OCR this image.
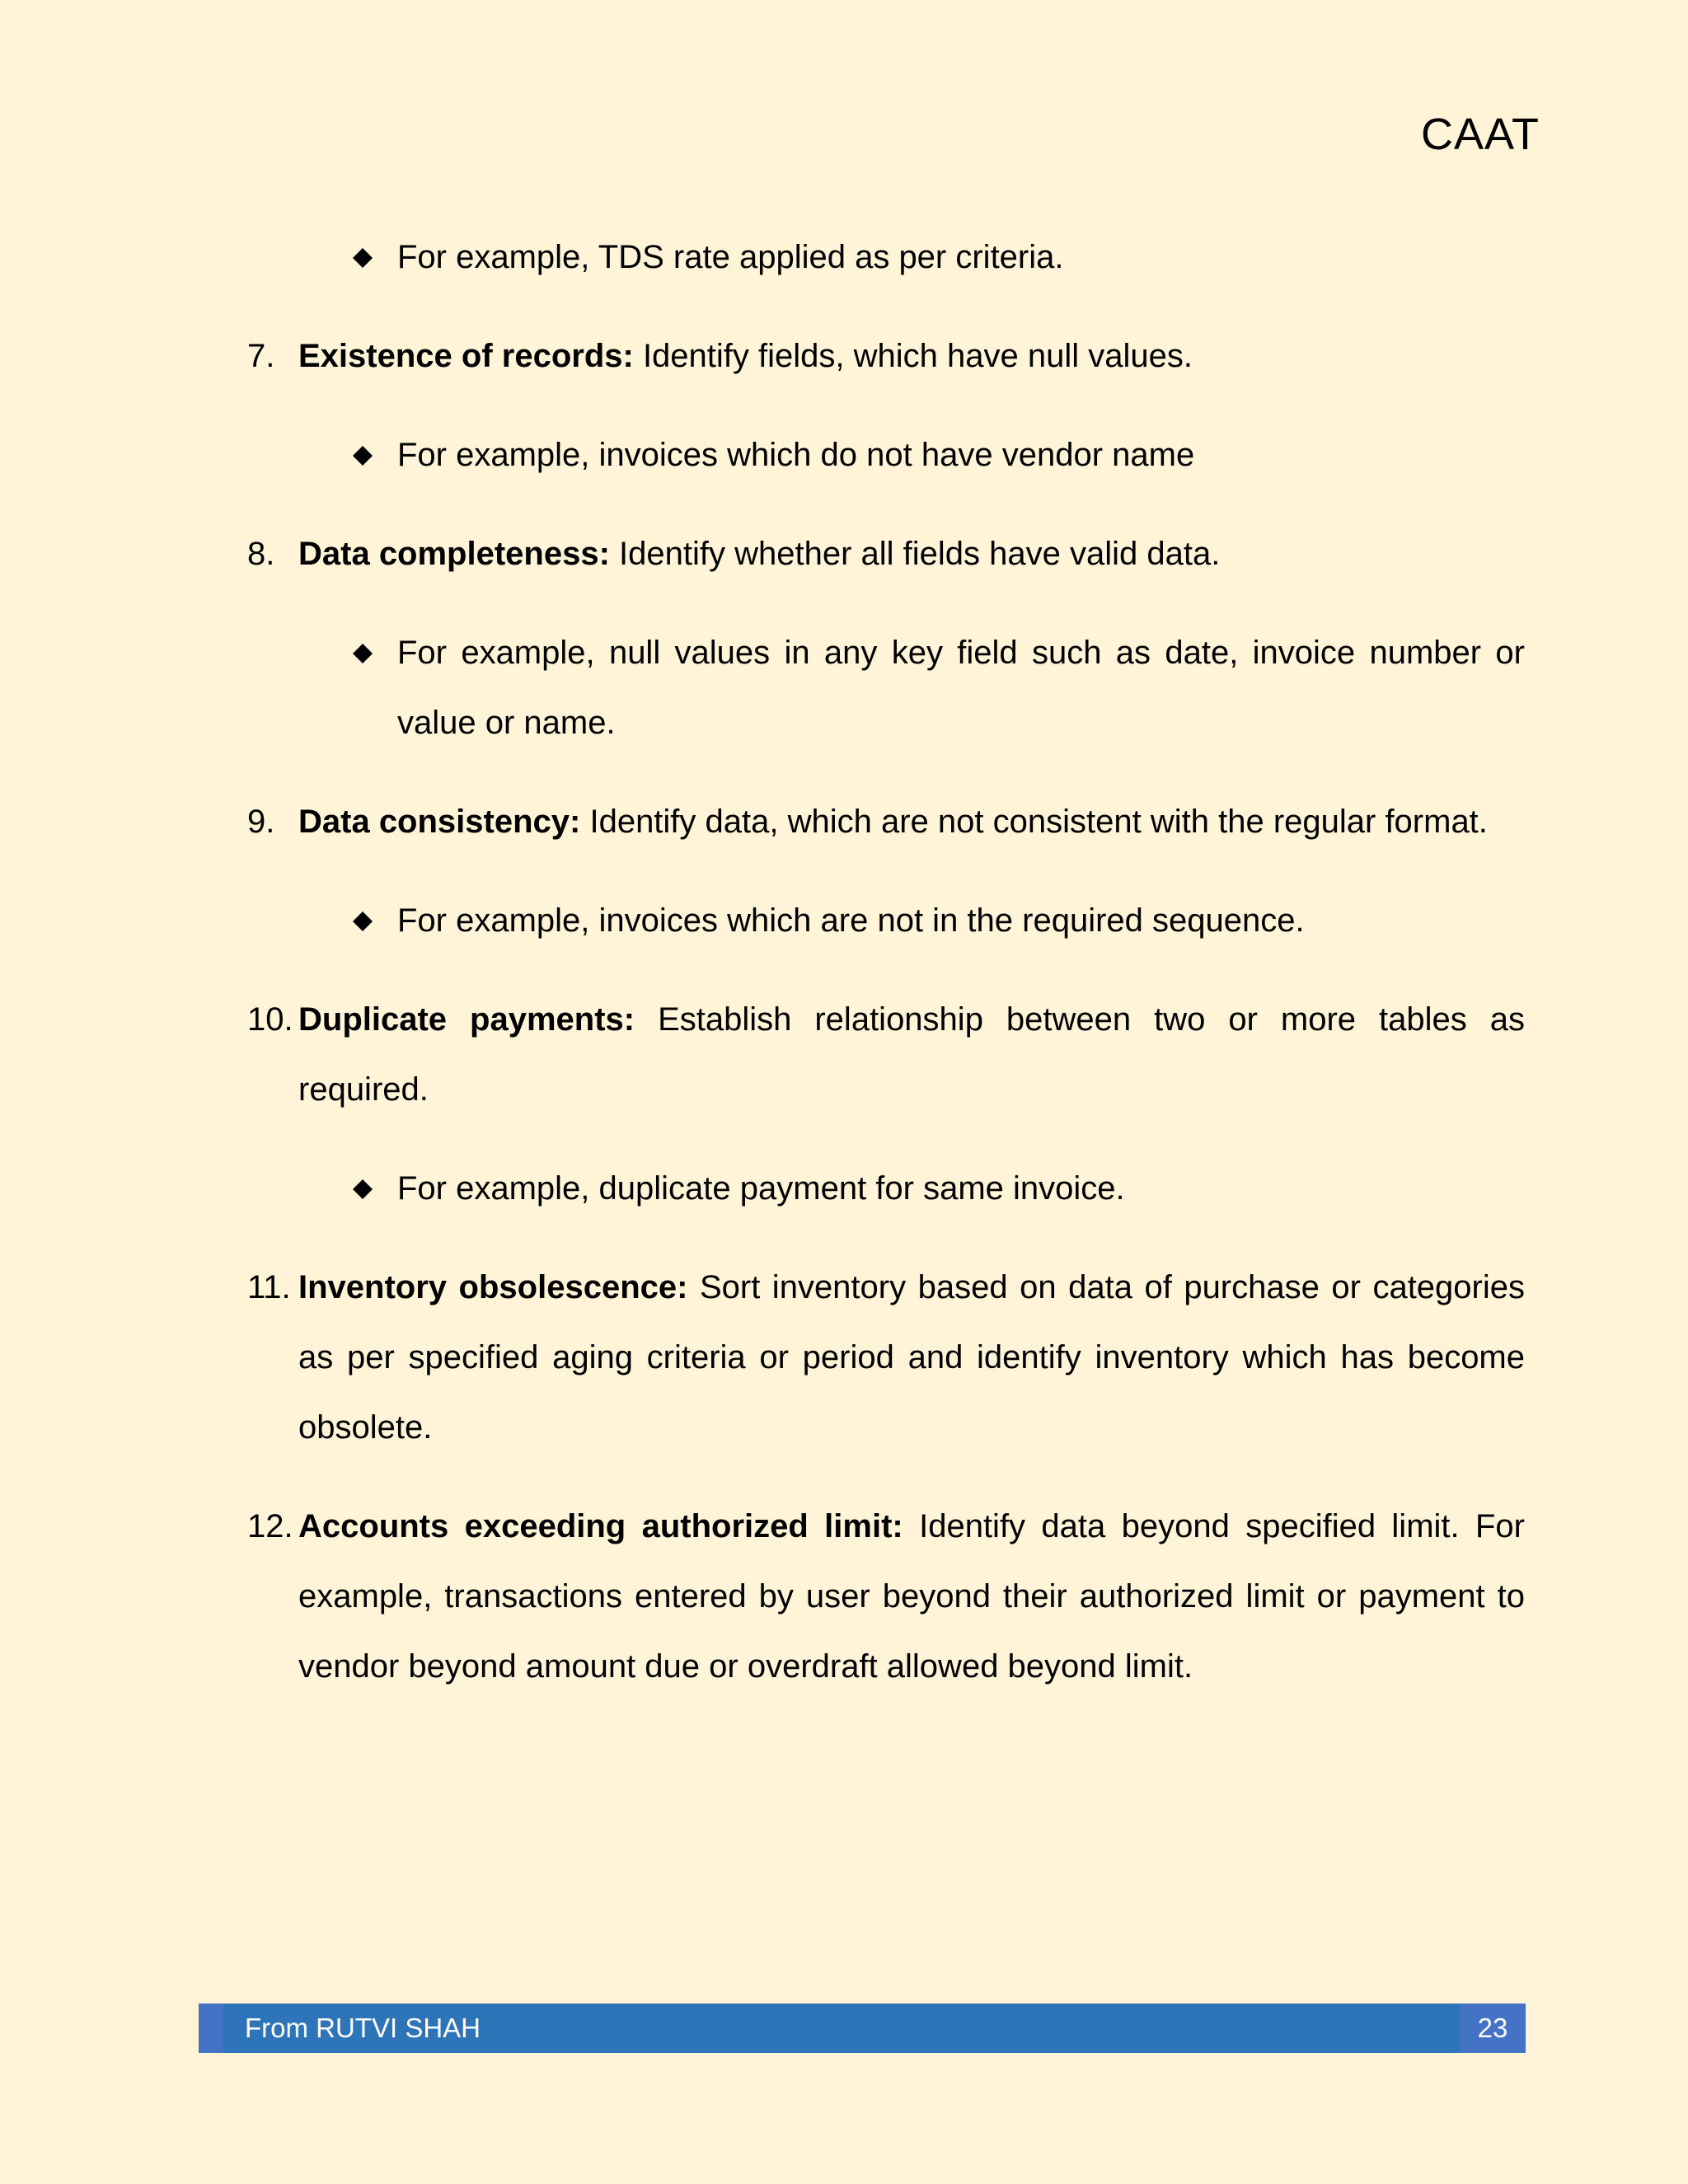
CAAT
For example, TDS rate applied as per criteria.
7. Existence of records: Identify fields, which have null values.
For example, invoices which do not have vendor name
8. Data completeness: Identify whether all fields have valid data.
For example, null values in any key field such as date, invoice number or value or name.
9. Data consistency: Identify data, which are not consistent with the regular format.
For example, invoices which are not in the required sequence.
10. Duplicate payments: Establish relationship between two or more tables as required.
For example, duplicate payment for same invoice.
11. Inventory obsolescence: Sort inventory based on data of purchase or categories as per specified aging criteria or period and identify inventory which has become obsolete.
12. Accounts exceeding authorized limit: Identify data beyond specified limit. For example, transactions entered by user beyond their authorized limit or payment to vendor beyond amount due or overdraft allowed beyond limit.
From RUTVI SHAH	23
